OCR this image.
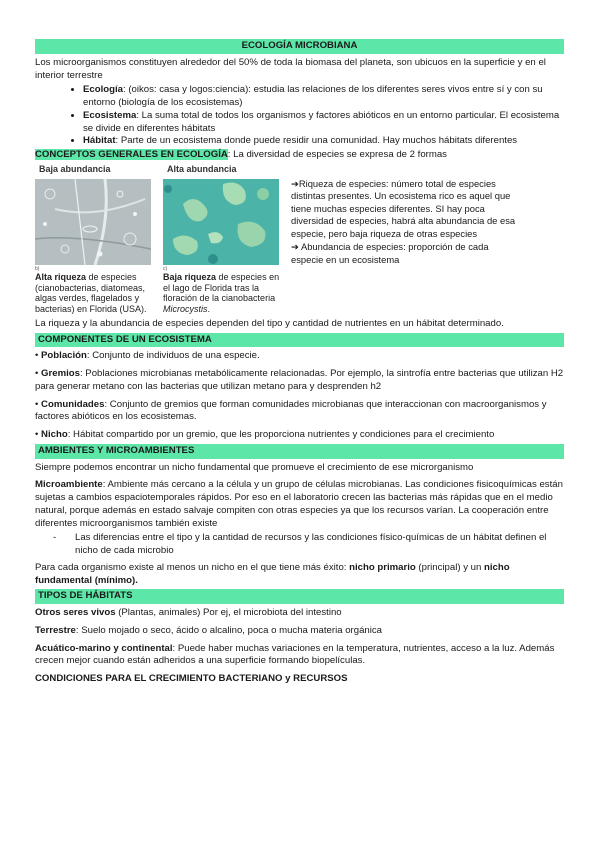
ECOLOGÍA MICROBIANA

Los microorganismos constituyen alrededor del 50% de toda la biomasa del planeta, son ubicuos en la superficie y en el interior terrestre

• Ecología: (oikos: casa y logos:ciencia): estudia las relaciones de los diferentes seres vivos entre sí y con su entorno (biología de los ecosistemas)
• Ecosistema: La suma total de todos los organismos y factores abióticos en un entorno particular. El ecosistema se divide en diferentes hábitats
• Hábitat: Parte de un ecosistema donde puede residir una comunidad. Hay muchos hábitats diferentes

CONCEPTOS GENERALES EN ECOLOGÍA: La diversidad de especies se expresa de 2 formas

Baja abundancia
b)
Alta riqueza de especies (cianobacterias, diatomeas, algas verdes, flagelados y bacterias) en Florida (USA).
Alta abundancia
c)
Baja riqueza de especies en el lago de Florida tras la floración de la cianobacteria Microcystis.

➔Riqueza de especies: número total de especies distintas presentes. Un ecosistema rico es aquel que tiene muchas especies diferentes. SI hay poca diversidad de especies, habrá alta abundancia de esa especie, pero baja riqueza de otras especies

➔ Abundancia de especies: proporción de cada especie en un ecosistema

La riqueza y la abundancia de especies dependen del tipo y cantidad de nutrientes en un hábitat determinado.

COMPONENTES DE UN ECOSISTEMA

• Población: Conjunto de individuos de una especie.

• Gremios: Poblaciones microbianas metabólicamente relacionadas. Por ejemplo, la sintrofía entre bacterias que utilizan H2 para generar metano con las bacterias que utilizan metano para y desprenden h2

• Comunidades: Conjunto de gremios que forman comunidades microbianas que interaccionan con macroorganismos y factores abióticos en los ecosistemas.

• Nicho: Hábitat compartido por un gremio, que les proporciona nutrientes y condiciones para el crecimiento

AMBIENTES Y MICROAMBIENTES

Siempre podemos encontrar un nicho fundamental que promueve el crecimiento de ese microrganismo

Microambiente: Ambiente más cercano a la célula y un grupo de células microbianas. Las condiciones fisicoquímicas están sujetas a cambios espaciotemporales rápidos. Por eso en el laboratorio crecen las bacterias más rápidas que en el medio natural, porque además en estado salvaje compiten con otras especies ya que los recursos varían. La cooperación entre diferentes microorganismos también existe

- Las diferencias entre el tipo y la cantidad de recursos y las condiciones físico-químicas de un hábitat definen el nicho de cada microbio

Para cada organismo existe al menos un nicho en el que tiene más éxito: nicho primario (principal) y un nicho fundamental (mínimo).

TIPOS DE HÁBITATS

Otros seres vivos (Plantas, animales) Por ej, el microbiota del intestino

Terrestre: Suelo mojado o seco, ácido o alcalino, poca o mucha materia orgánica

Acuático-marino y continental: Puede haber muchas variaciones en la temperatura, nutrientes, acceso a la luz. Además crecen mejor cuando están adheridos a una superficie formando biopelículas.

CONDICIONES PARA EL CRECIMIENTO BACTERIANO y RECURSOS
